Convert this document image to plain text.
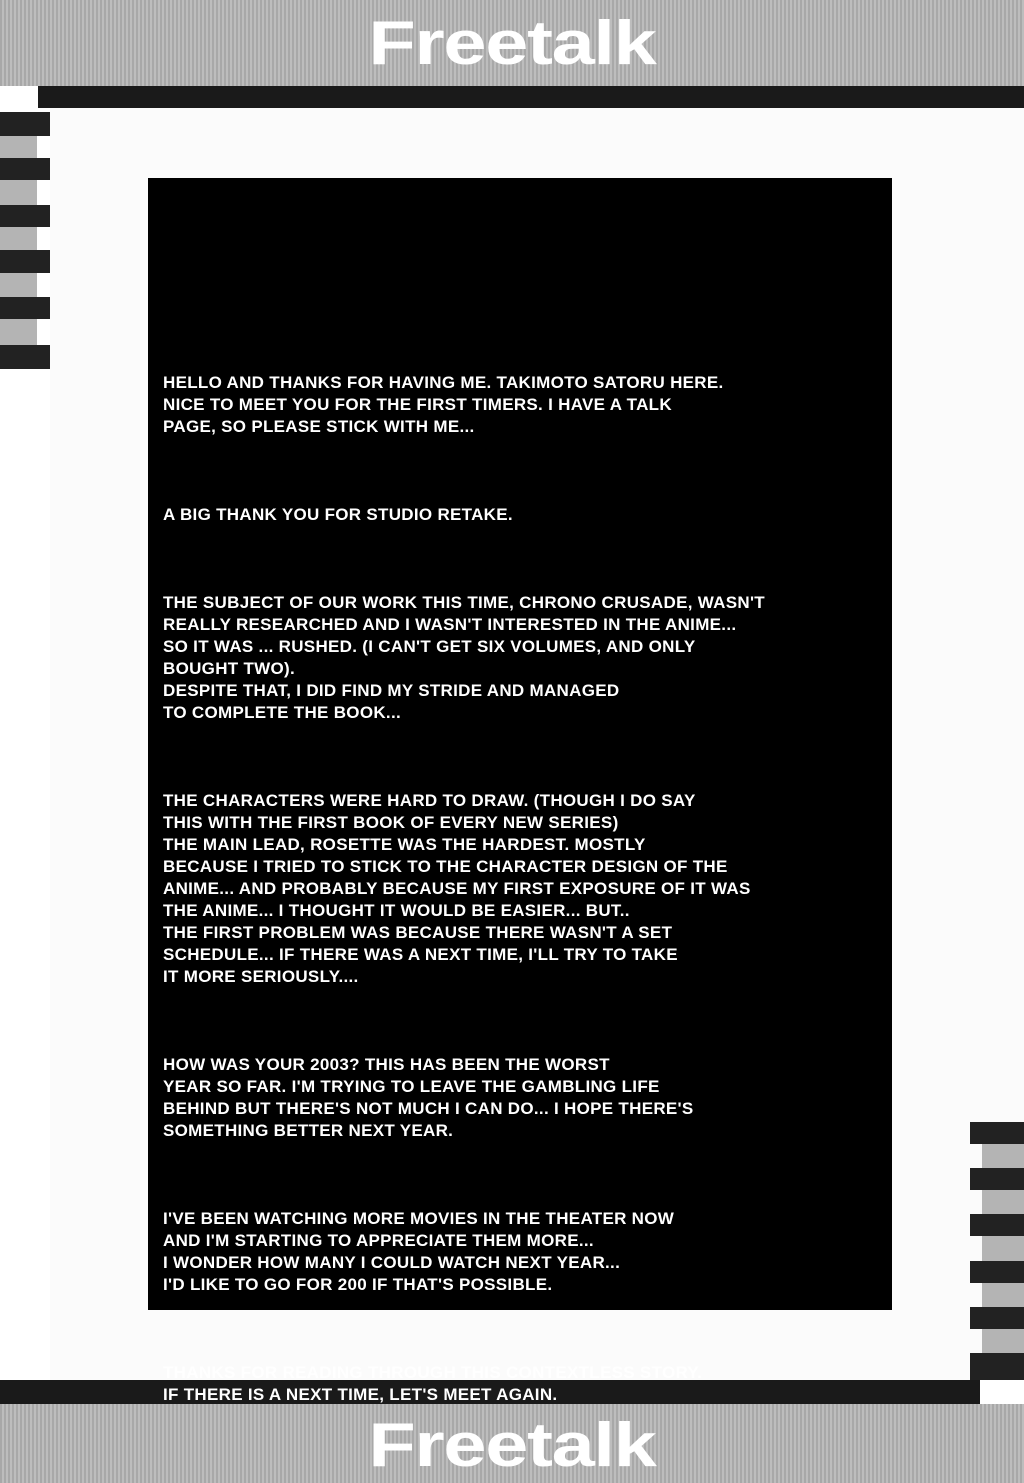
Freetalk

HELLO AND THANKS FOR HAVING ME. TAKIMOTO SATORU HERE.
NICE TO MEET YOU FOR THE FIRST TIMERS. I HAVE A TALK
PAGE, SO PLEASE STICK WITH ME...

A BIG THANK YOU FOR STUDIO RETAKE.

THE SUBJECT OF OUR WORK THIS TIME, CHRONO CRUSADE, WASN'T
REALLY RESEARCHED AND I WASN'T INTERESTED IN THE ANIME...
SO IT WAS ... RUSHED. (I CAN'T GET SIX VOLUMES, AND ONLY
BOUGHT TWO).
DESPITE THAT, I DID FIND MY STRIDE AND MANAGED
TO COMPLETE THE BOOK...

THE CHARACTERS WERE HARD TO DRAW. (THOUGH I DO SAY
THIS WITH THE FIRST BOOK OF EVERY NEW SERIES)
THE MAIN LEAD, ROSETTE WAS THE HARDEST. MOSTLY
BECAUSE I TRIED TO STICK TO THE CHARACTER DESIGN OF THE
ANIME... AND PROBABLY BECAUSE MY FIRST EXPOSURE OF IT WAS
THE ANIME... I THOUGHT IT WOULD BE EASIER... BUT..
THE FIRST PROBLEM WAS BECAUSE THERE WASN'T A SET
SCHEDULE... IF THERE WAS A NEXT TIME, I'LL TRY TO TAKE
IT MORE SERIOUSLY....

HOW WAS YOUR 2003? THIS HAS BEEN THE WORST
YEAR SO FAR. I'M TRYING TO LEAVE THE GAMBLING LIFE
BEHIND BUT THERE'S NOT MUCH I CAN DO... I HOPE THERE'S
SOMETHING BETTER NEXT YEAR.

I'VE BEEN WATCHING MORE MOVIES IN THE THEATER NOW
AND I'M STARTING TO APPRECIATE THEM MORE...
I WONDER HOW MANY I COULD WATCH NEXT YEAR...
I'D LIKE TO GO FOR 200 IF THAT'S POSSIBLE.

THANKS FOR READING THROUGH THIS CONTEXTLESS STORY.
IF THERE IS A NEXT TIME, LET'S MEET AGAIN.

Freetalk
